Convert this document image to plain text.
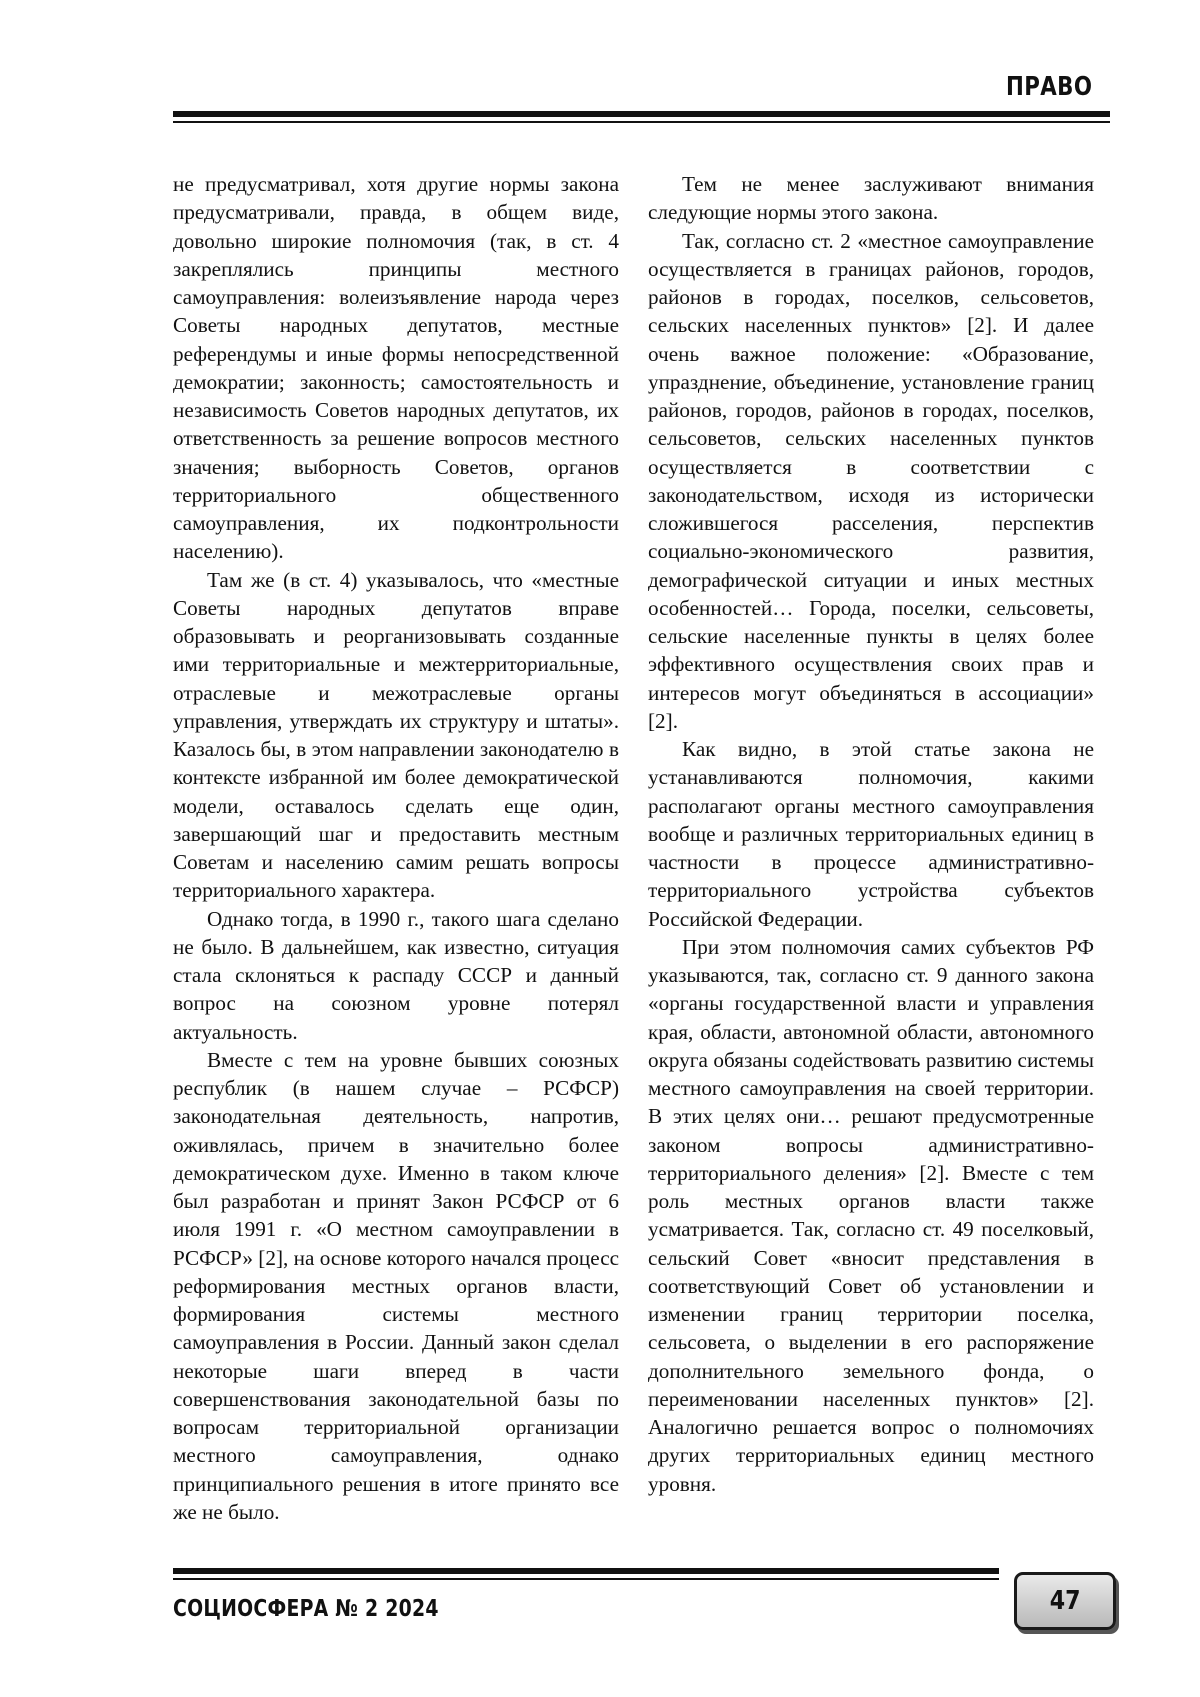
ПРАВО

не предусматривал, хотя другие нормы закона предусматривали, правда, в общем виде, довольно широкие полномочия (так, в ст. 4 закреплялись принципы местного самоуправления: волеизъявление народа через Советы народных депутатов, местные референдумы и иные формы непосредственной демократии; законность; самостоятельность и независимость Советов народных депутатов, их ответственность за решение вопросов местного значения; выборность Советов, органов территориального общественного самоуправления, их подконтрольности населению).

Там же (в ст. 4) указывалось, что «местные Советы народных депутатов вправе образовывать и реорганизовывать созданные ими территориальные и межтерриториальные, отраслевые и межотраслевые органы управления, утверждать их структуру и штаты». Казалось бы, в этом направлении законодателю в контексте избранной им более демократической модели, оставалось сделать еще один, завершающий шаг и предоставить местным Советам и населению самим решать вопросы территориального характера.

Однако тогда, в 1990 г., такого шага сделано не было. В дальнейшем, как известно, ситуация стала склоняться к распаду СССР и данный вопрос на союзном уровне потерял актуальность.

Вместе с тем на уровне бывших союзных республик (в нашем случае – РСФСР) законодательная деятельность, напротив, оживлялась, причем в значительно более демократическом духе. Именно в таком ключе был разработан и принят Закон РСФСР от 6 июля 1991 г. «О местном самоуправлении в РСФСР» [2], на основе которого начался процесс реформирования местных органов власти, формирования системы местного самоуправления в России. Данный закон сделал некоторые шаги вперед в части совершенствования законодательной базы по вопросам территориальной организации местного самоуправления, однако принципиального решения в итоге принято все же не было.

Тем не менее заслуживают внимания следующие нормы этого закона.

Так, согласно ст. 2 «местное самоуправление осуществляется в границах районов, городов, районов в городах, поселков, сельсоветов, сельских населенных пунктов» [2]. И далее очень важное положение: «Образование, упразднение, объединение, установление границ районов, городов, районов в городах, поселков, сельсоветов, сельских населенных пунктов осуществляется в соответствии с законодательством, исходя из исторически сложившегося расселения, перспектив социально-экономического развития, демографической ситуации и иных местных особенностей… Города, поселки, сельсоветы, сельские населенные пункты в целях более эффективного осуществления своих прав и интересов могут объединяться в ассоциации» [2].

Как видно, в этой статье закона не устанавливаются полномочия, какими располагают органы местного самоуправления вообще и различных территориальных единиц в частности в процессе административно-территориального устройства субъектов Российской Федерации.

При этом полномочия самих субъектов РФ указываются, так, согласно ст. 9 данного закона «органы государственной власти и управления края, области, автономной области, автономного округа обязаны содействовать развитию системы местного самоуправления на своей территории. В этих целях они… решают предусмотренные законом вопросы административно-территориального деления» [2]. Вместе с тем роль местных органов власти также усматривается. Так, согласно ст. 49 поселковый, сельский Совет «вносит представления в соответствующий Совет об установлении и изменении границ территории поселка, сельсовета, о выделении в его распоряжение дополнительного земельного фонда, о переименовании населенных пунктов» [2]. Аналогично решается вопрос о полномочиях других территориальных единиц местного уровня.

СОЦИОСФЕРА № 2 2024	47
